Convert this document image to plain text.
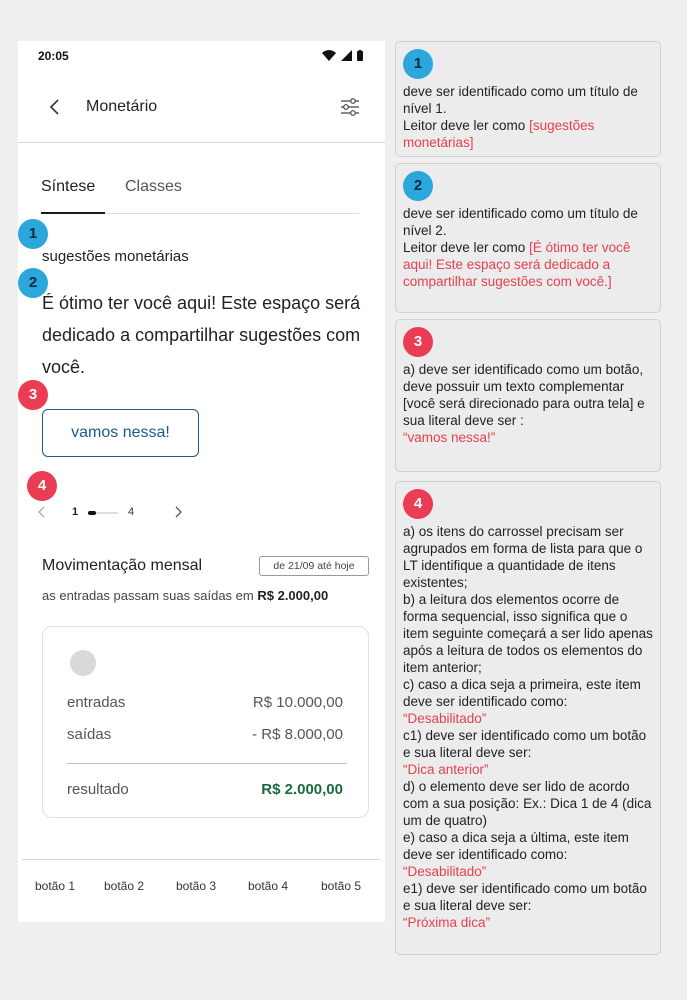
20:05
Monetário
Síntese Classes
sugestões monetárias
É ótimo ter você aqui! Este espaço será dedicado a compartilhar sugestões com você.
vamos nessa!
1	4
Movimentação mensal	de 21/09 até hoje
as entradas passam suas saídas em R$ 2.000,00
entradas	R$ 10.000,00
saídas	- R$ 8.000,00
resultado	R$ 2.000,00
botão 1 botão 2	botão 3	botão 4	botão 5
1
2
3
4
1
deve ser identificado como um título de nível 1.
Leitor deve ler como [sugestões monetárias]
2
deve ser identificado como um título de nível 2.
Leitor deve ler como [É ótimo ter você aqui! Este espaço será dedicado a compartilhar sugestões com você.]
3
a) deve ser identificado como um botão, deve possuir um texto complementar [você será direcionado para outra tela] e sua literal deve ser :
“vamos nessa!”
4
a) os itens do carrossel precisam ser agrupados em forma de lista para que o LT identifique a quantidade de itens existentes;
b) a leitura dos elementos ocorre de forma sequencial, isso significa que o item seguinte começará a ser lido apenas após a leitura de todos os elementos do item anterior;
c) caso a dica seja a primeira, este item deve ser identificado como:
“Desabilitado”
c1) deve ser identificado como um botão e sua literal deve ser:
“Dica anterior”
d) o elemento deve ser lido de acordo com a sua posição: Ex.: Dica 1 de 4 (dica um de quatro)
e) caso a dica seja a última, este item deve ser identificado como:
“Desabilitado”
e1) deve ser identificado como um botão e sua literal deve ser:
“Próxima dica”
